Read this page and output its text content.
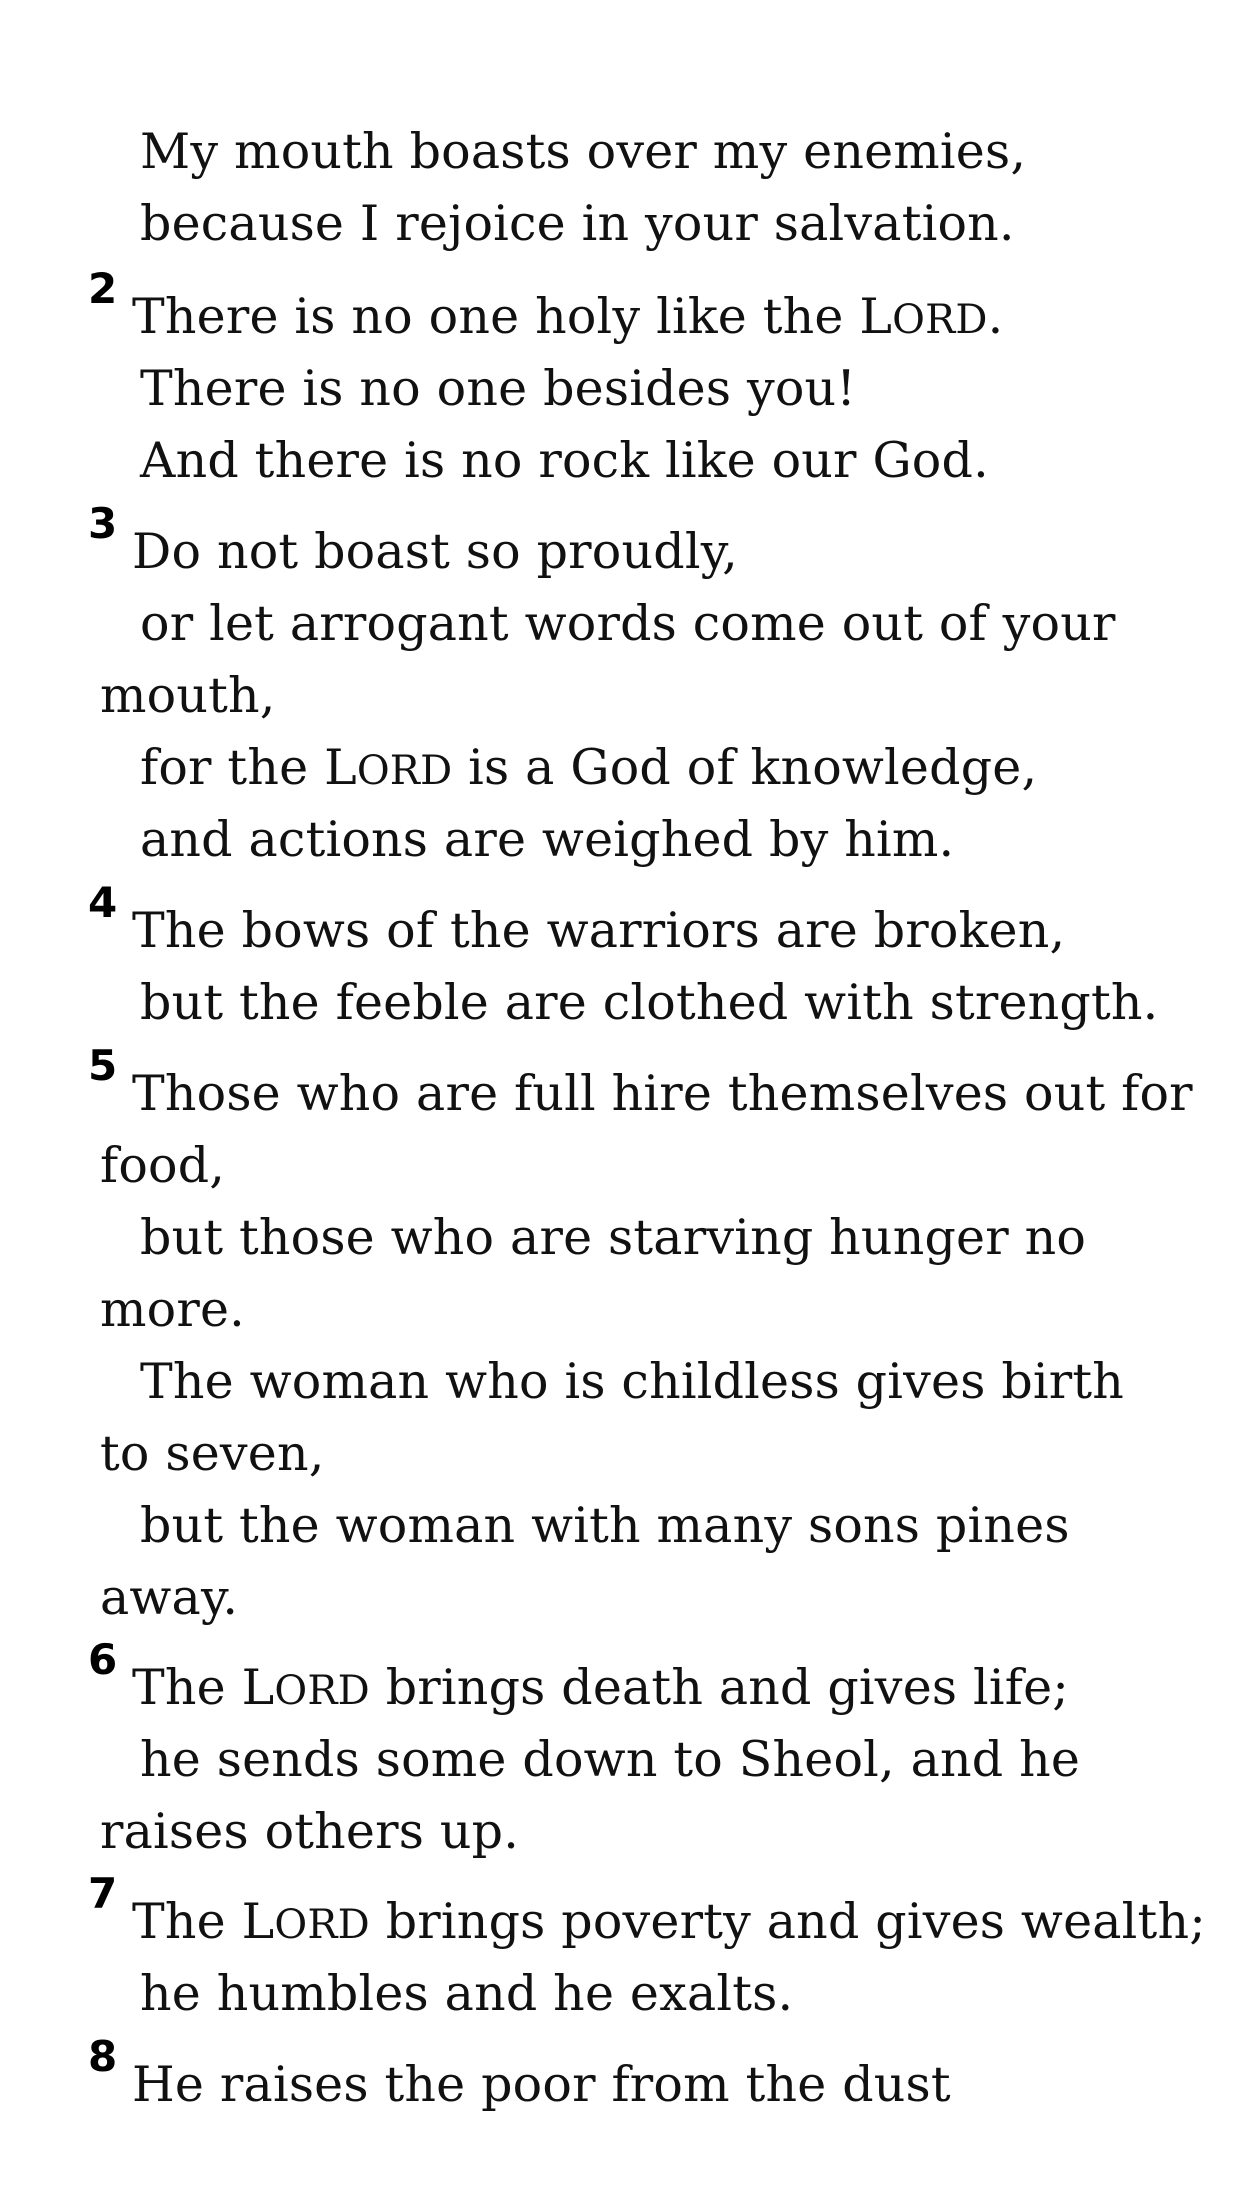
My mouth boasts over my enemies,
because I rejoice in your salvation.
2 There is no one holy like the LORD.
There is no one besides you!
And there is no rock like our God.
3 Do not boast so proudly,
or let arrogant words come out of your
mouth,
for the LORD is a God of knowledge,
and actions are weighed by him.
4 The bows of the warriors are broken,
but the feeble are clothed with strength.
5 Those who are full hire themselves out for
food,
but those who are starving hunger no
more.
The woman who is childless gives birth
to seven,
but the woman with many sons pines
away.
6 The LORD brings death and gives life;
he sends some down to Sheol, and he
raises others up.
7 The LORD brings poverty and gives wealth;
he humbles and he exalts.
8 He raises the poor from the dust
